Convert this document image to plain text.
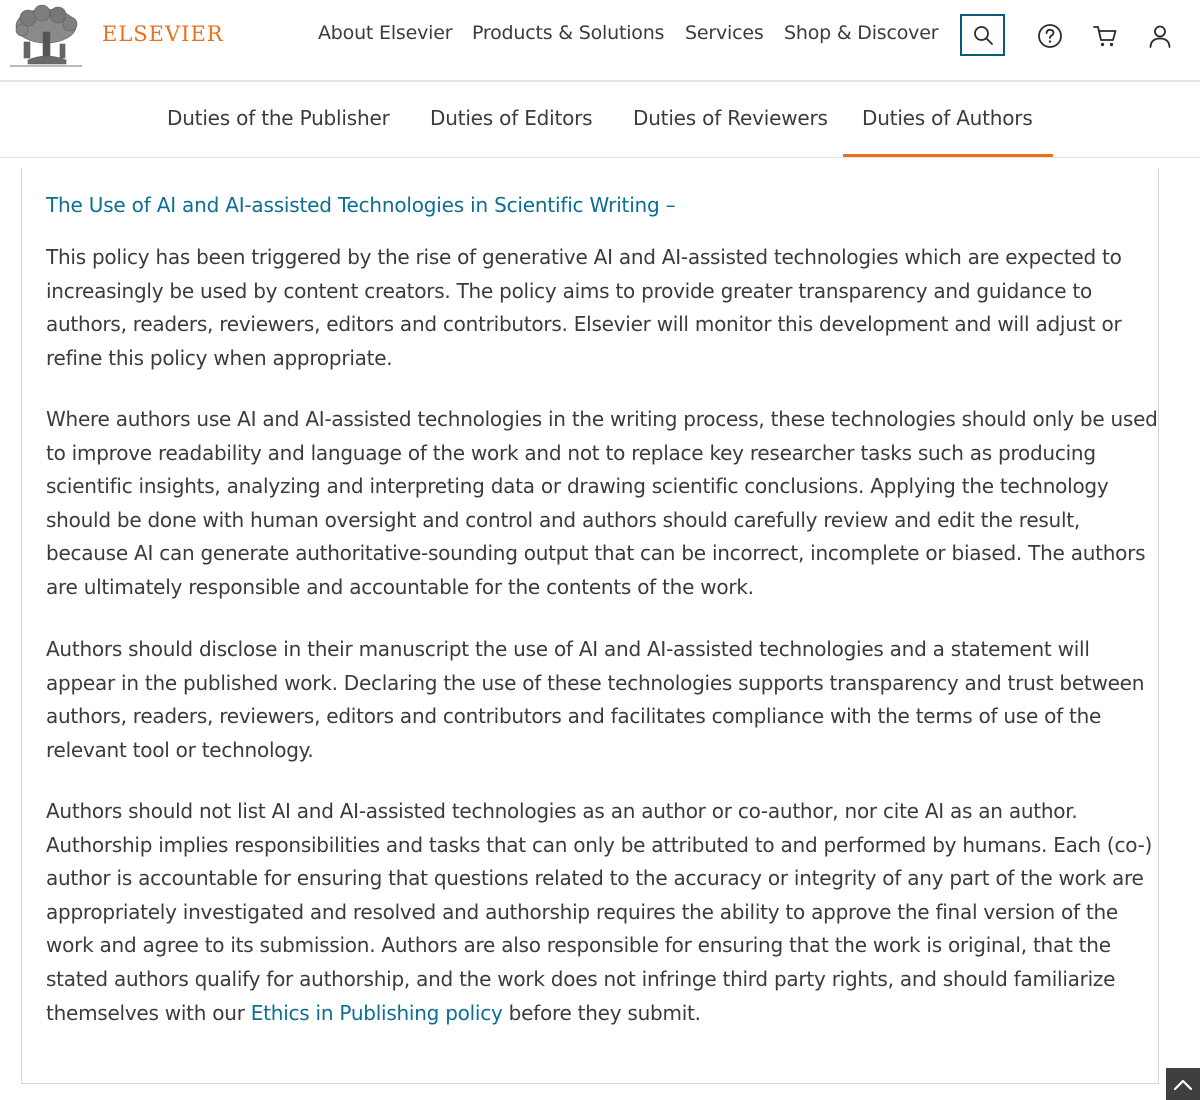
ELSEVIER	About Elsevier Products & Solutions Services Shop & Discover
Duties of the Publisher Duties of Editors Duties of Reviewers Duties of Authors
The Use of AI and AI-assisted Technologies in Scientific Writing –
This policy has been triggered by the rise of generative AI and AI-assisted technologies which are expected to increasingly be used by content creators. The policy aims to provide greater transparency and guidance to authors, readers, reviewers, editors and contributors. Elsevier will monitor this development and will adjust or refine this policy when appropriate.
Where authors use AI and AI-assisted technologies in the writing process, these technologies should only be used to improve readability and language of the work and not to replace key researcher tasks such as producing scientific insights, analyzing and interpreting data or drawing scientific conclusions. Applying the technology should be done with human oversight and control and authors should carefully review and edit the result, because AI can generate authoritative-sounding output that can be incorrect, incomplete or biased. The authors are ultimately responsible and accountable for the contents of the work.
Authors should disclose in their manuscript the use of AI and AI-assisted technologies and a statement will appear in the published work. Declaring the use of these technologies supports transparency and trust between authors, readers, reviewers, editors and contributors and facilitates compliance with the terms of use of the relevant tool or technology.
Authors should not list AI and AI-assisted technologies as an author or co-author, nor cite AI as an author. Authorship implies responsibilities and tasks that can only be attributed to and performed by humans. Each (co-) author is accountable for ensuring that questions related to the accuracy or integrity of any part of the work are appropriately investigated and resolved and authorship requires the ability to approve the final version of the work and agree to its submission. Authors are also responsible for ensuring that the work is original, that the stated authors qualify for authorship, and the work does not infringe third party rights, and should familiarize themselves with our Ethics in Publishing policy before they submit.
